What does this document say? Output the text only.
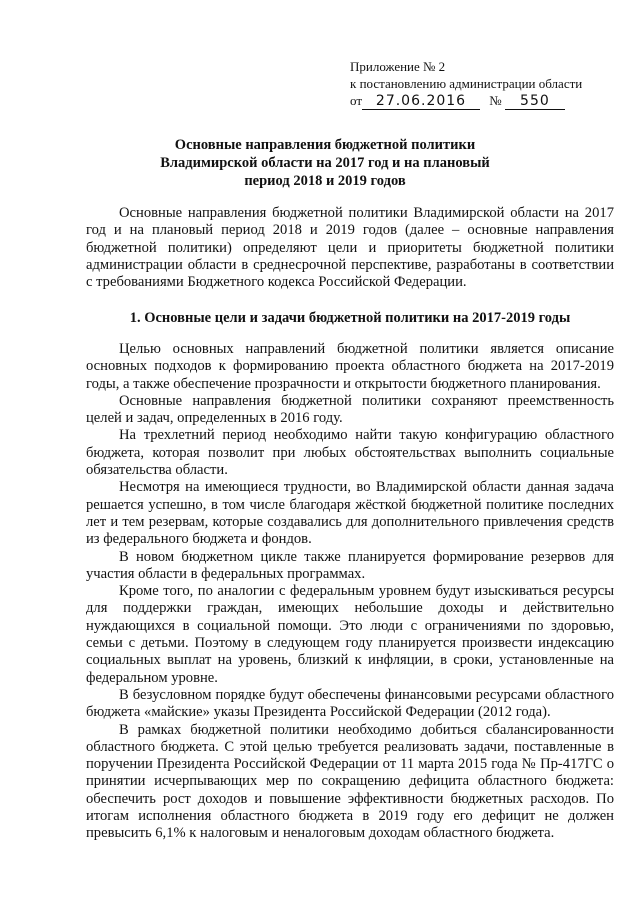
Приложение № 2
к постановлению администрации области
от 27.06.2016 № 550
Основные направления бюджетной политики
Владимирской области на 2017 год и на плановый
период 2018 и 2019 годов

Основные направления бюджетной политики Владимирской области на 2017 год и на плановый период 2018 и 2019 годов (далее – основные направления бюджетной политики) определяют цели и приоритеты бюджетной политики администрации области в среднесрочной перспективе, разработаны в соответствии с требованиями Бюджетного кодекса Российской Федерации.

1. Основные цели и задачи бюджетной политики на 2017-2019 годы

Целью основных направлений бюджетной политики является описание основных подходов к формированию проекта областного бюджета на 2017-2019 годы, а также обеспечение прозрачности и открытости бюджетного планирования.

Основные направления бюджетной политики сохраняют преемственность целей и задач, определенных в 2016 году.

На трехлетний период необходимо найти такую конфигурацию областного бюджета, которая позволит при любых обстоятельствах выполнить социальные обязательства области.

Несмотря на имеющиеся трудности, во Владимирской области данная задача решается успешно, в том числе благодаря жёсткой бюджетной политике последних лет и тем резервам, которые создавались для дополнительного привлечения средств из федерального бюджета и фондов.

В новом бюджетном цикле также планируется формирование резервов для участия области в федеральных программах.

Кроме того, по аналогии с федеральным уровнем будут изыскиваться ресурсы для поддержки граждан, имеющих небольшие доходы и действительно нуждающихся в социальной помощи. Это люди с ограничениями по здоровью, семьи с детьми. Поэтому в следующем году планируется произвести индексацию социальных выплат на уровень, близкий к инфляции, в сроки, установленные на федеральном уровне.

В безусловном порядке будут обеспечены финансовыми ресурсами областного бюджета «майские» указы Президента Российской Федерации (2012 года).

В рамках бюджетной политики необходимо добиться сбалансированности областного бюджета. С этой целью требуется реализовать задачи, поставленные в поручении Президента Российской Федерации от 11 марта 2015 года № Пр-417ГС о принятии исчерпывающих мер по сокращению дефицита областного бюджета: обеспечить рост доходов и повышение эффективности бюджетных расходов. По итогам исполнения областного бюджета в 2019 году его дефицит не должен превысить 6,1% к налоговым и неналоговым доходам областного бюджета.
